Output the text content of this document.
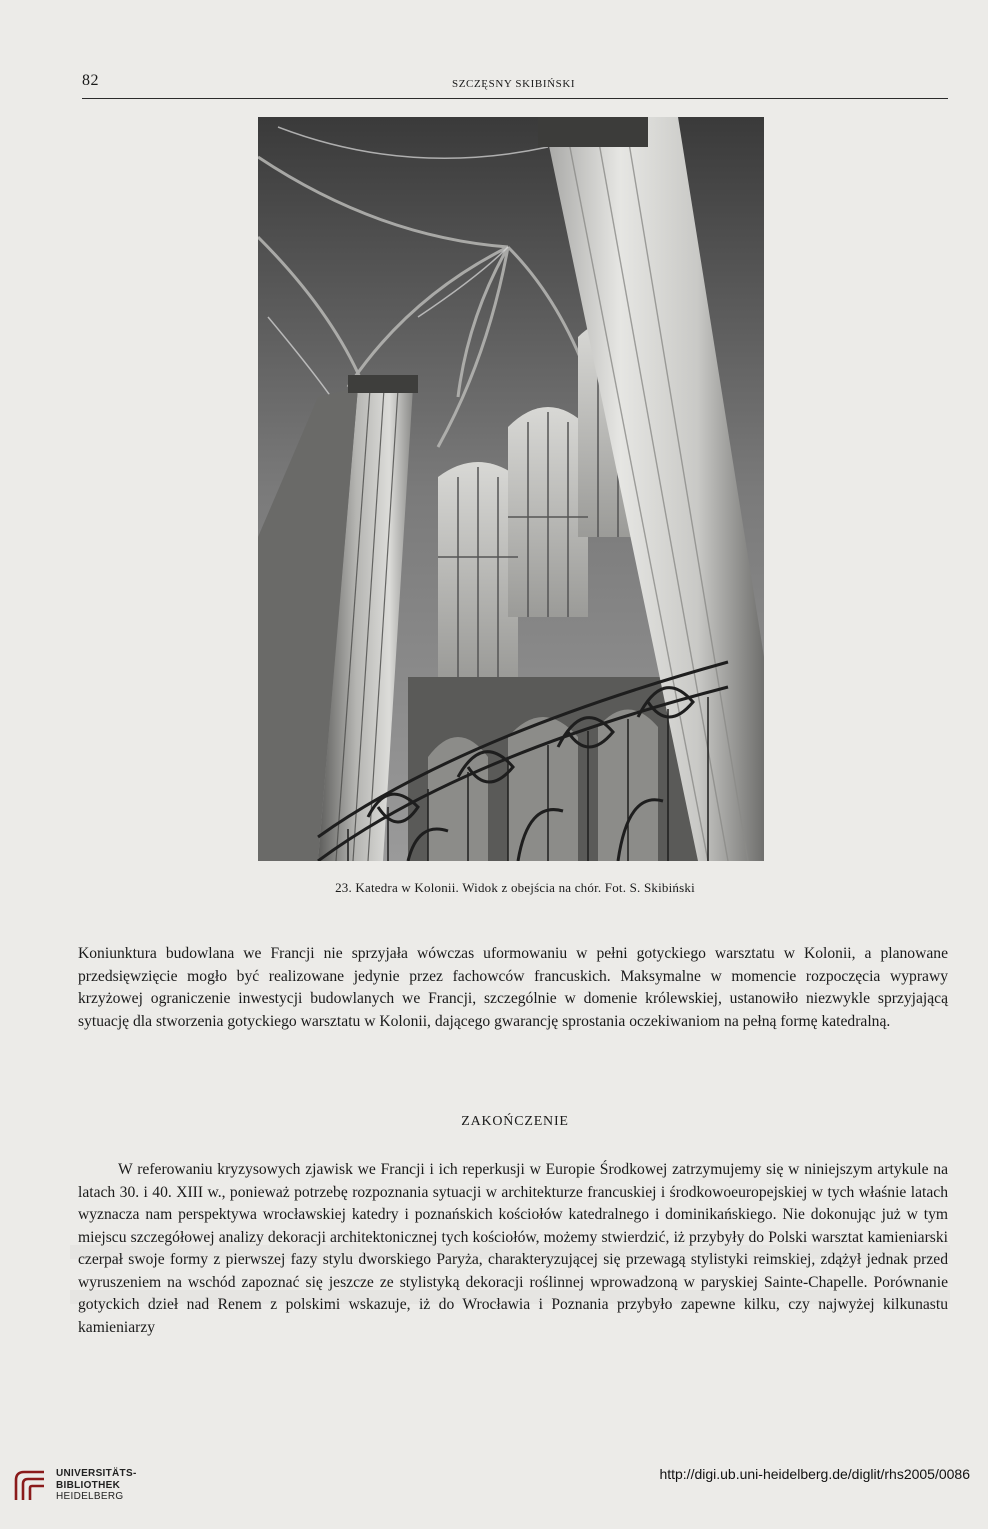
82	SZCZĘSNY SKIBIŃSKI
23. Katedra w Kolonii. Widok z obejścia na chór. Fot. S. Skibiński

Koniunktura budowlana we Francji nie sprzyjała wówczas uformowaniu w pełni gotyckiego warsztatu w Kolonii, a planowane przedsięwzięcie mogło być realizowane jedynie przez fachowców francuskich. Maksymalne w momencie rozpoczęcia wyprawy krzyżowej ograniczenie inwestycji budowlanych we Francji, szczególnie w domenie królewskiej, ustanowiło niezwykle sprzyjającą sytuację dla stworzenia gotyckiego warsztatu w Kolonii, dającego gwarancję sprostania oczekiwaniom na pełną formę katedralną.

ZAKOŃCZENIE

W referowaniu kryzysowych zjawisk we Francji i ich reperkusji w Europie Środkowej zatrzymujemy się w niniejszym artykule na latach 30. i 40. XIII w., ponieważ potrzebę rozpoznania sytuacji w architekturze francuskiej i środkowoeuropejskiej w tych właśnie latach wyznacza nam perspektywa wrocławskiej katedry i poznańskich kościołów katedralnego i dominikańskiego. Nie dokonując już w tym miejscu szczegółowej analizy dekoracji architektonicznej tych kościołów, możemy stwierdzić, iż przybyły do Polski warsztat kamieniarski czerpał swoje formy z pierwszej fazy stylu dworskiego Paryża, charakteryzującej się przewagą stylistyki reimskiej, zdążył jednak przed wyruszeniem na wschód zapoznać się jeszcze ze stylistyką dekoracji roślinnej wprowadzoną w paryskiej Sainte-Chapelle. Porównanie gotyckich dzieł nad Renem z polskimi wskazuje, iż do Wrocławia i Poznania przybyło zapewne kilku, czy najwyżej kilkunastu kamieniarzy

UNIVERSITÄTS-
BIBLIOTHEK
HEIDELBERG
http://digi.ub.uni-heidelberg.de/diglit/rhs2005/0086
